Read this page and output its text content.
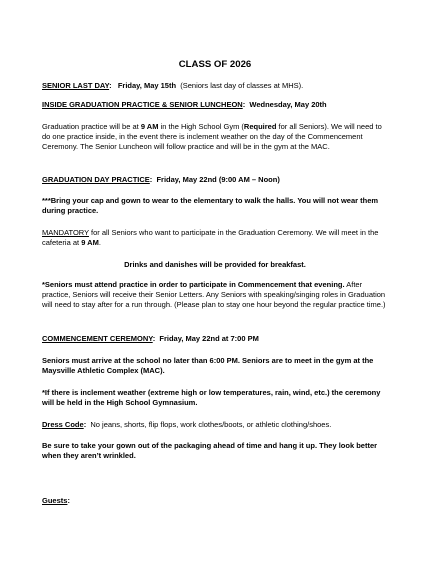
CLASS OF 2026

SENIOR LAST DAY:   Friday, May 15th (Seniors last day of classes at MHS).

INSIDE GRADUATION PRACTICE & SENIOR LUNCHEON:  Wednesday, May 20th

Graduation practice will be at 9 AM in the High School Gym (Required for all Seniors). We will need to do one practice inside, in the event there is inclement weather on the day of the Commencement Ceremony. The Senior Luncheon will follow practice and will be in the gym at the MAC.

GRADUATION DAY PRACTICE:  Friday, May 22nd (9:00 AM – Noon)

***Bring your cap and gown to wear to the elementary to walk the halls. You will not wear them during practice.

MANDATORY for all Seniors who want to participate in the Graduation Ceremony. We will meet in the cafeteria at 9 AM.

Drinks and danishes will be provided for breakfast.

*Seniors must attend practice in order to participate in Commencement that evening. After practice, Seniors will receive their Senior Letters. Any Seniors with speaking/singing roles in Graduation will need to stay after for a run through. (Please plan to stay one hour beyond the regular practice time.)

COMMENCEMENT CEREMONY:  Friday, May 22nd at 7:00 PM

Seniors must arrive at the school no later than 6:00 PM. Seniors are to meet in the gym at the Maysville Athletic Complex (MAC).

*If there is inclement weather (extreme high or low temperatures, rain, wind, etc.) the ceremony will be held in the High School Gymnasium.

Dress Code:  No jeans, shorts, flip flops, work clothes/boots, or athletic clothing/shoes.

Be sure to take your gown out of the packaging ahead of time and hang it up. They look better when they aren’t wrinkled.

Guests:
